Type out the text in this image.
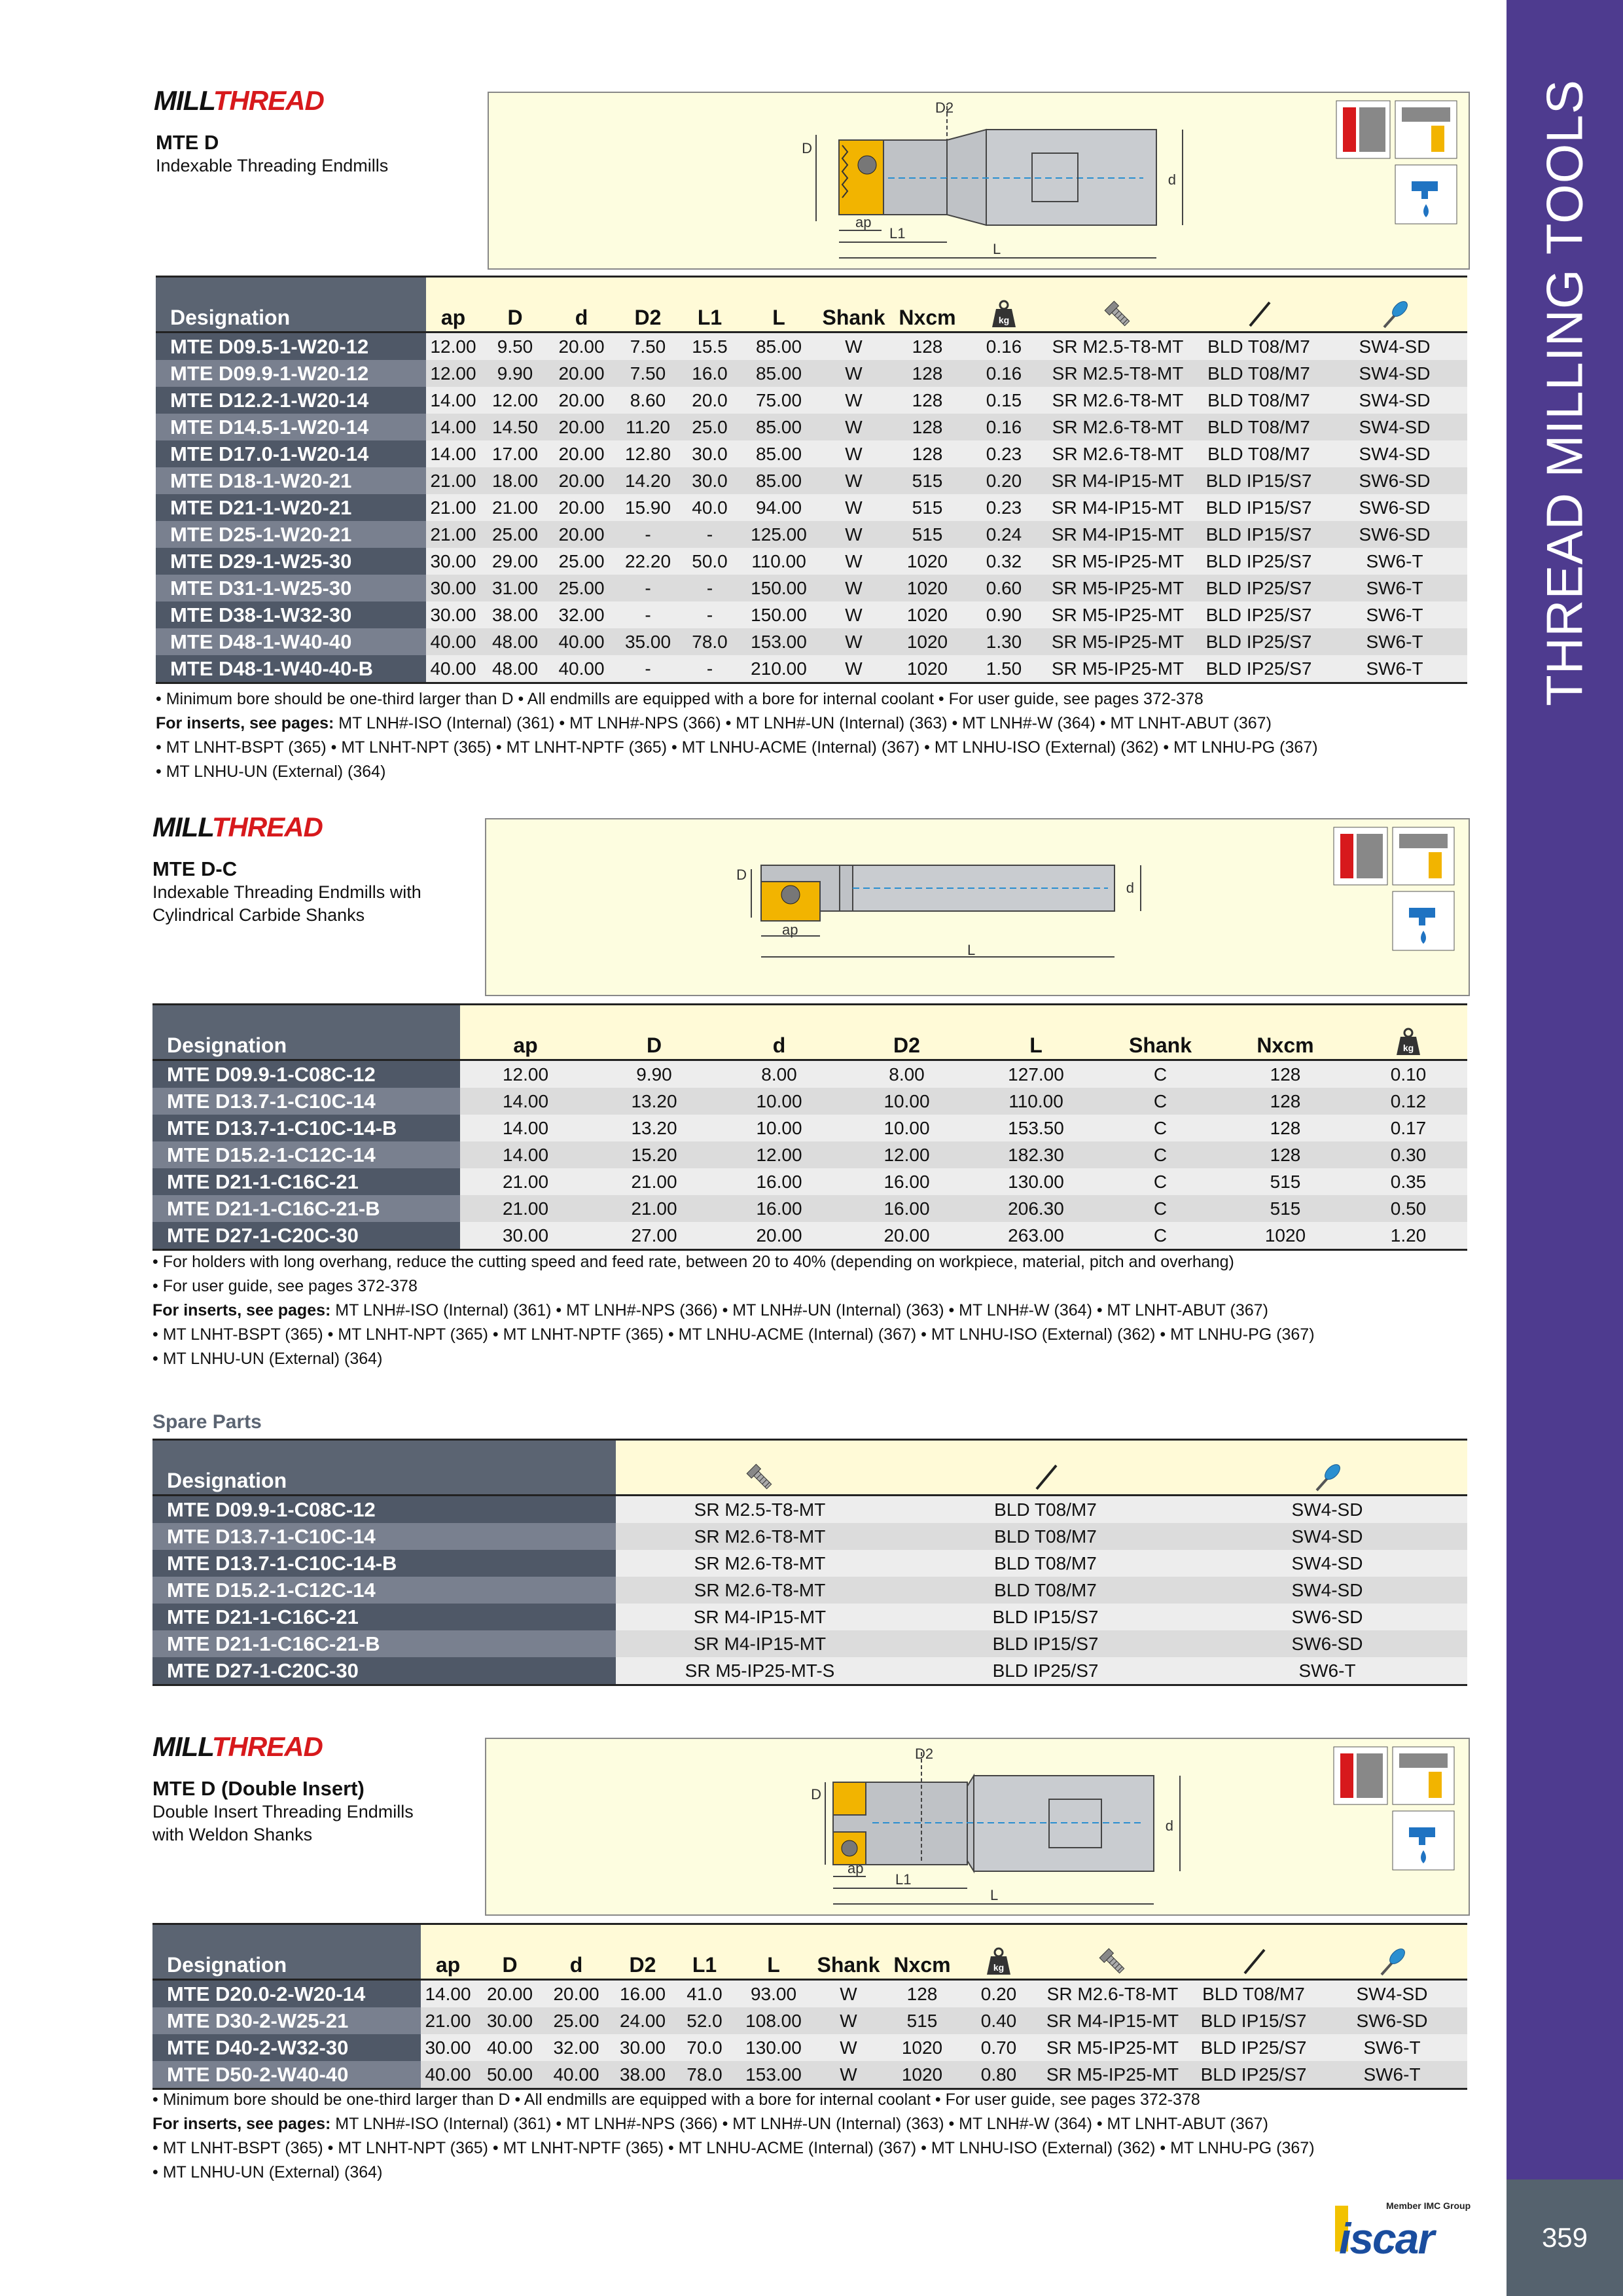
THREAD MILLING TOOLS
359
Member IMC Group
iscar
MILLTHREAD
MTE D
Indexable Threading Endmills
D
D2
d
ap
L1
L
Designation	ap	D	d	D2	L1	L	Shank	Nxcm	kg

MTE D09.5-1-W20-12	12.00	9.50	20.00	7.50	15.5	85.00	W	128	0.16	SR M2.5-T8-MT	BLD T08/M7	SW4-SD
MTE D09.9-1-W20-12	12.00	9.90	20.00	7.50	16.0	85.00	W	128	0.16	SR M2.5-T8-MT	BLD T08/M7	SW4-SD
MTE D12.2-1-W20-14	14.00	12.00	20.00	8.60	20.0	75.00	W	128	0.15	SR M2.6-T8-MT	BLD T08/M7	SW4-SD
MTE D14.5-1-W20-14	14.00	14.50	20.00	11.20	25.0	85.00	W	128	0.16	SR M2.6-T8-MT	BLD T08/M7	SW4-SD
MTE D17.0-1-W20-14	14.00	17.00	20.00	12.80	30.0	85.00	W	128	0.23	SR M2.6-T8-MT	BLD T08/M7	SW4-SD
MTE D18-1-W20-21	21.00	18.00	20.00	14.20	30.0	85.00	W	515	0.20	SR M4-IP15-MT	BLD IP15/S7	SW6-SD
MTE D21-1-W20-21	21.00	21.00	20.00	15.90	40.0	94.00	W	515	0.23	SR M4-IP15-MT	BLD IP15/S7	SW6-SD
MTE D25-1-W20-21	21.00	25.00	20.00	-	-	125.00	W	515	0.24	SR M4-IP15-MT	BLD IP15/S7	SW6-SD
MTE D29-1-W25-30	30.00	29.00	25.00	22.20	50.0	110.00	W	1020	0.32	SR M5-IP25-MT	BLD IP25/S7	SW6-T
MTE D31-1-W25-30	30.00	31.00	25.00	-	-	150.00	W	1020	0.60	SR M5-IP25-MT	BLD IP25/S7	SW6-T
MTE D38-1-W32-30	30.00	38.00	32.00	-	-	150.00	W	1020	0.90	SR M5-IP25-MT	BLD IP25/S7	SW6-T
MTE D48-1-W40-40	40.00	48.00	40.00	35.00	78.0	153.00	W	1020	1.30	SR M5-IP25-MT	BLD IP25/S7	SW6-T
MTE D48-1-W40-40-B	40.00	48.00	40.00	-	-	210.00	W	1020	1.50	SR M5-IP25-MT	BLD IP25/S7	SW6-T
• Minimum bore should be one-third larger than D • All endmills are equipped with a bore for internal coolant • For user guide, see pages 372-378
For inserts, see pages: MT LNH#-ISO (Internal) (361) • MT LNH#-NPS (366) • MT LNH#-UN (Internal) (363) • MT LNH#-W (364) • MT LNHT-ABUT (367)
• MT LNHT-BSPT (365) • MT LNHT-NPT (365) • MT LNHT-NPTF (365) • MT LNHU-ACME (Internal) (367) • MT LNHU-ISO (External) (362) • MT LNHU-PG (367)
• MT LNHU-UN (External) (364)
MILLTHREAD
MTE D-C
Indexable Threading Endmills with
Cylindrical Carbide Shanks
D
d
ap
L
Designation	ap	D	d	D2	L	Shank	Nxcm	kg

MTE D09.9-1-C08C-12	12.00	9.90	8.00	8.00	127.00	C	128	0.10
MTE D13.7-1-C10C-14	14.00	13.20	10.00	10.00	110.00	C	128	0.12
MTE D13.7-1-C10C-14-B	14.00	13.20	10.00	10.00	153.50	C	128	0.17
MTE D15.2-1-C12C-14	14.00	15.20	12.00	12.00	182.30	C	128	0.30
MTE D21-1-C16C-21	21.00	21.00	16.00	16.00	130.00	C	515	0.35
MTE D21-1-C16C-21-B	21.00	21.00	16.00	16.00	206.30	C	515	0.50
MTE D27-1-C20C-30	30.00	27.00	20.00	20.00	263.00	C	1020	1.20
• For holders with long overhang, reduce the cutting speed and feed rate, between 20 to 40% (depending on workpiece, material, pitch and overhang)
• For user guide, see pages 372-378
For inserts, see pages: MT LNH#-ISO (Internal) (361) • MT LNH#-NPS (366) • MT LNH#-UN (Internal) (363) • MT LNH#-W (364) • MT LNHT-ABUT (367)
• MT LNHT-BSPT (365) • MT LNHT-NPT (365) • MT LNHT-NPTF (365) • MT LNHU-ACME (Internal) (367) • MT LNHU-ISO (External) (362) • MT LNHU-PG (367)
• MT LNHU-UN (External) (364)
Spare Parts
Designation			
MTE D09.9-1-C08C-12	SR M2.5-T8-MT	BLD T08/M7	SW4-SD
MTE D13.7-1-C10C-14	SR M2.6-T8-MT	BLD T08/M7	SW4-SD
MTE D13.7-1-C10C-14-B	SR M2.6-T8-MT	BLD T08/M7	SW4-SD
MTE D15.2-1-C12C-14	SR M2.6-T8-MT	BLD T08/M7	SW4-SD
MTE D21-1-C16C-21	SR M4-IP15-MT	BLD IP15/S7	SW6-SD
MTE D21-1-C16C-21-B	SR M4-IP15-MT	BLD IP15/S7	SW6-SD
MTE D27-1-C20C-30	SR M5-IP25-MT-S	BLD IP25/S7	SW6-T
MILLTHREAD
MTE D (Double Insert)
Double Insert Threading Endmills
with Weldon Shanks
D
D2
d
ap
L1
L
Designation	ap	D	d	D2	L1	L	Shank	Nxcm	kg

MTE D20.0-2-W20-14	14.00	20.00	20.00	16.00	41.0	93.00	W	128	0.20	SR M2.6-T8-MT	BLD T08/M7	SW4-SD
MTE D30-2-W25-21	21.00	30.00	25.00	24.00	52.0	108.00	W	515	0.40	SR M4-IP15-MT	BLD IP15/S7	SW6-SD
MTE D40-2-W32-30	30.00	40.00	32.00	30.00	70.0	130.00	W	1020	0.70	SR M5-IP25-MT	BLD IP25/S7	SW6-T
MTE D50-2-W40-40	40.00	50.00	40.00	38.00	78.0	153.00	W	1020	0.80	SR M5-IP25-MT	BLD IP25/S7	SW6-T
• Minimum bore should be one-third larger than D • All endmills are equipped with a bore for internal coolant • For user guide, see pages 372-378
For inserts, see pages: MT LNH#-ISO (Internal) (361) • MT LNH#-NPS (366) • MT LNH#-UN (Internal) (363) • MT LNH#-W (364) • MT LNHT-ABUT (367)
• MT LNHT-BSPT (365) • MT LNHT-NPT (365) • MT LNHT-NPTF (365) • MT LNHU-ACME (Internal) (367) • MT LNHU-ISO (External) (362) • MT LNHU-PG (367)
• MT LNHU-UN (External) (364)
